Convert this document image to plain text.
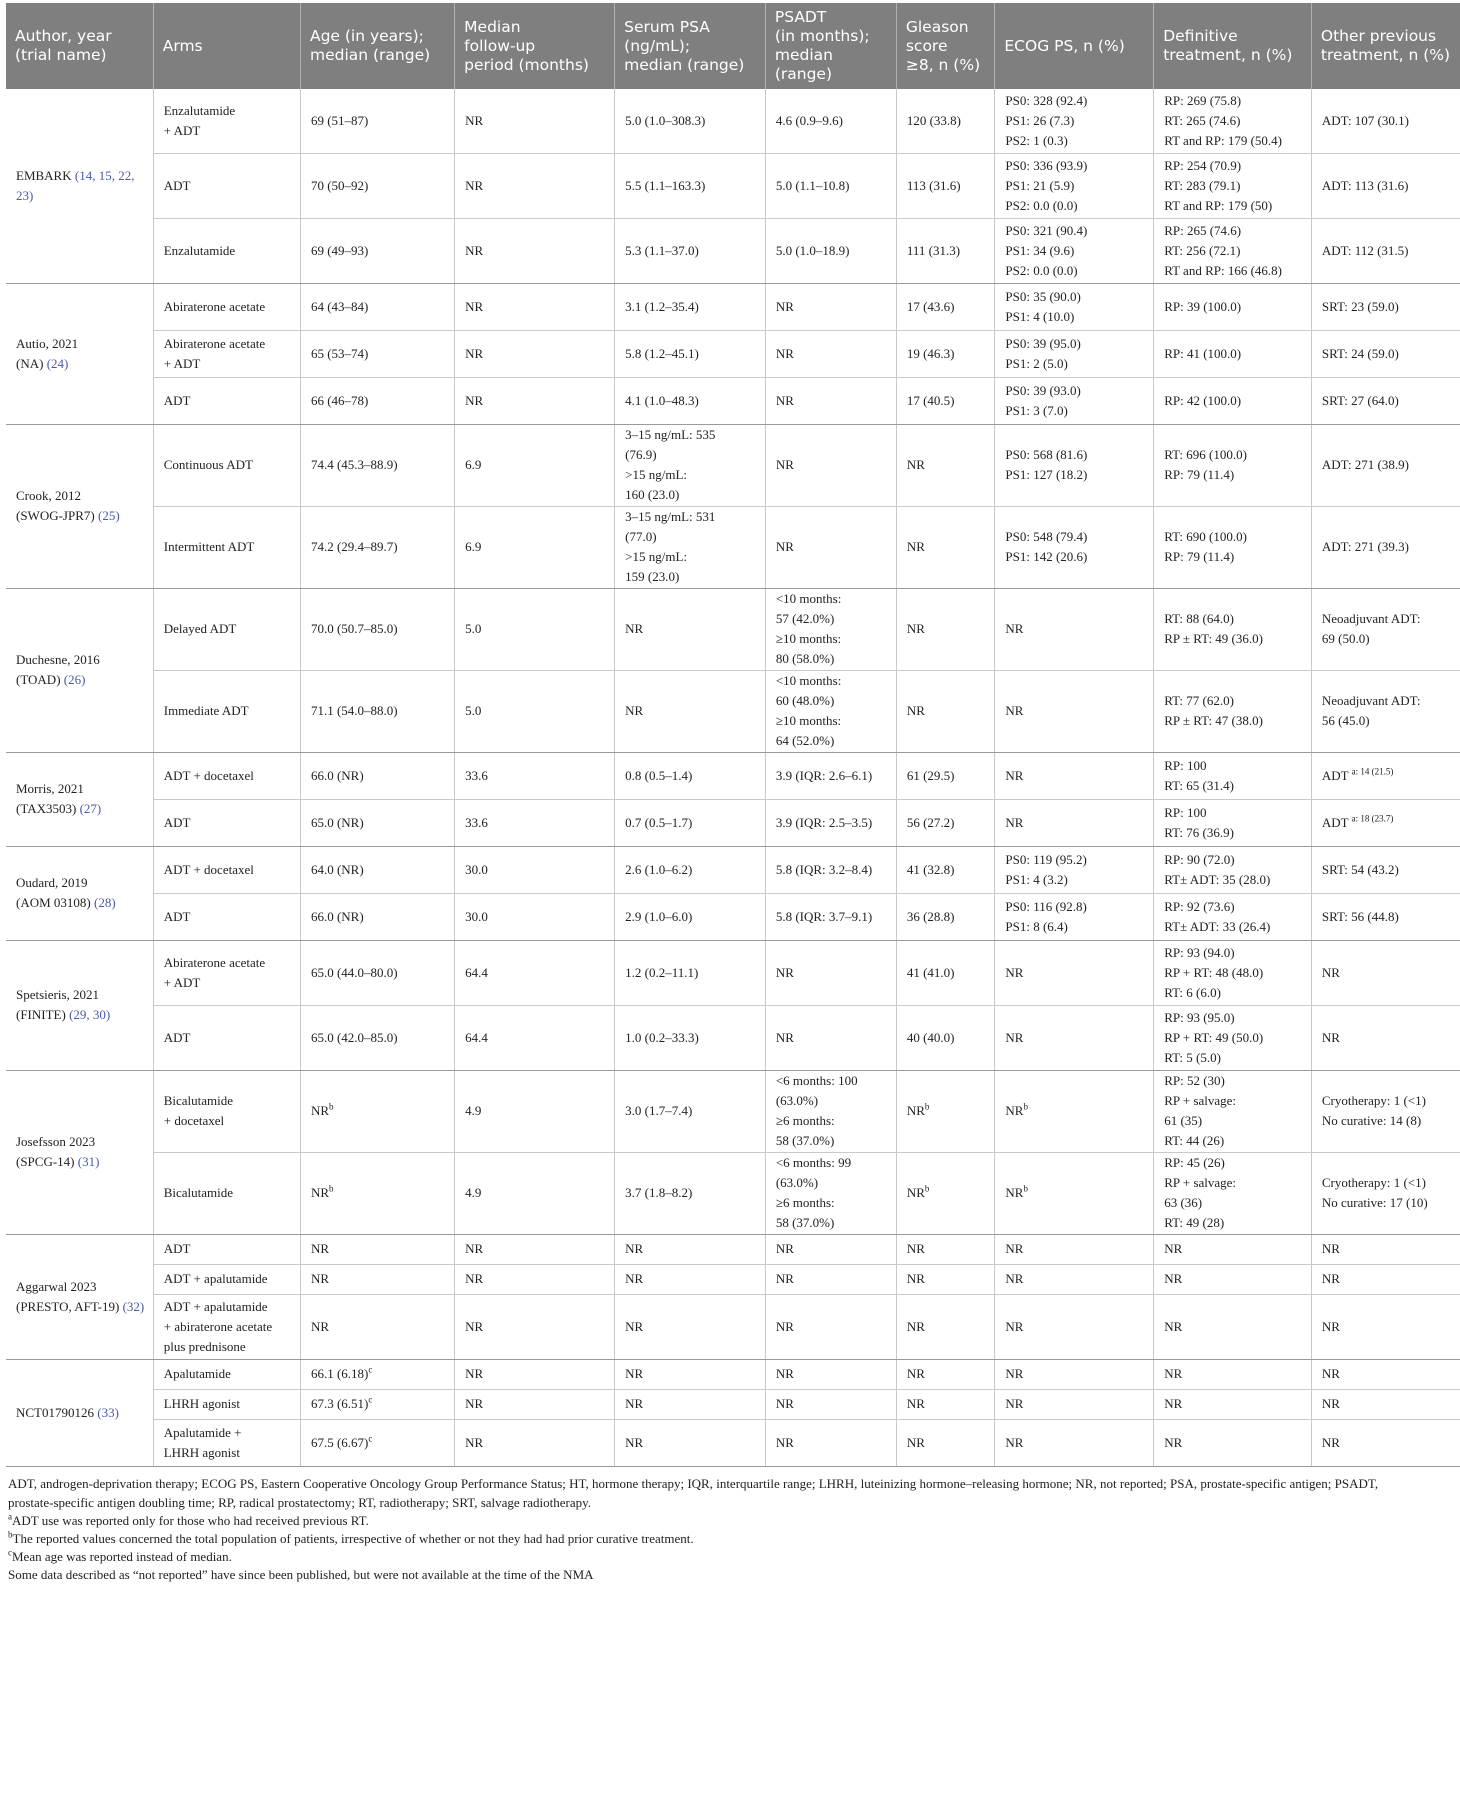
Author, year
(trial name)	Arms	Age (in years);
median (range)	Median
follow-up
period (months)	Serum PSA
(ng/mL);
median (range)	PSADT
(in months);
median
(range)	Gleason
score
≥8, n (%)	ECOG PS, n (%)	Definitive
treatment, n (%)	Other previous
treatment, n (%)

EMBARK (14, 15, 22, 23)	Enzalutamide
+ ADT	69 (51–87)	NR	5.0 (1.0–308.3)	4.6 (0.9–9.6)	120 (33.8)	PS0: 328 (92.4)
PS1: 26 (7.3)
PS2: 1 (0.3)	RP: 269 (75.8)
RT: 265 (74.6)
RT and RP: 179 (50.4)	ADT: 107 (30.1)

	ADT	70 (50–92)	NR	5.5 (1.1–163.3)	5.0 (1.1–10.8)	113 (31.6)	PS0: 336 (93.9)
PS1: 21 (5.9)
PS2: 0.0 (0.0)	RP: 254 (70.9)
RT: 283 (79.1)
RT and RP: 179 (50)	ADT: 113 (31.6)

	Enzalutamide	69 (49–93)	NR	5.3 (1.1–37.0)	5.0 (1.0–18.9)	111 (31.3)	PS0: 321 (90.4)
PS1: 34 (9.6)
PS2: 0.0 (0.0)	RP: 265 (74.6)
RT: 256 (72.1)
RT and RP: 166 (46.8)	ADT: 112 (31.5)

Autio, 2021
(NA) (24)	Abiraterone acetate	64 (43–84)	NR	3.1 (1.2–35.4)	NR	17 (43.6)	PS0: 35 (90.0)
PS1: 4 (10.0)	RP: 39 (100.0)	SRT: 23 (59.0)

	Abiraterone acetate
+ ADT	65 (53–74)	NR	5.8 (1.2–45.1)	NR	19 (46.3)	PS0: 39 (95.0)
PS1: 2 (5.0)	RP: 41 (100.0)	SRT: 24 (59.0)

	ADT	66 (46–78)	NR	4.1 (1.0–48.3)	NR	17 (40.5)	PS0: 39 (93.0)
PS1: 3 (7.0)	RP: 42 (100.0)	SRT: 27 (64.0)

Crook, 2012
(SWOG-JPR7) (25)	Continuous ADT	74.4 (45.3–88.9)	6.9	3–15 ng/mL: 535
(76.9)
>15 ng/mL:
160 (23.0)	NR	NR	PS0: 568 (81.6)
PS1: 127 (18.2)	RT: 696 (100.0)
RP: 79 (11.4)	ADT: 271 (38.9)

	Intermittent ADT	74.2 (29.4–89.7)	6.9	3–15 ng/mL: 531
(77.0)
>15 ng/mL:
159 (23.0)	NR	NR	PS0: 548 (79.4)
PS1: 142 (20.6)	RT: 690 (100.0)
RP: 79 (11.4)	ADT: 271 (39.3)

Duchesne, 2016
(TOAD) (26)	Delayed ADT	70.0 (50.7–85.0)	5.0	NR	<10 months:
57 (42.0%)
≥10 months:
80 (58.0%)	NR	NR	RT: 88 (64.0)
RP ± RT: 49 (36.0)	Neoadjuvant ADT:
69 (50.0)

	Immediate ADT	71.1 (54.0–88.0)	5.0	NR	<10 months:
60 (48.0%)
≥10 months:
64 (52.0%)	NR	NR	RT: 77 (62.0)
RP ± RT: 47 (38.0)	Neoadjuvant ADT:
56 (45.0)

Morris, 2021
(TAX3503) (27)	ADT + docetaxel	66.0 (NR)	33.6	0.8 (0.5–1.4)	3.9 (IQR: 2.6–6.1)	61 (29.5)	NR	RP: 100
RT: 65 (31.4)	ADT $^{a: 14 (21.5)}$

	ADT	65.0 (NR)	33.6	0.7 (0.5–1.7)	3.9 (IQR: 2.5–3.5)	56 (27.2)	NR	RP: 100
RT: 76 (36.9)	ADT $^{a: 18 (23.7)}$

Oudard, 2019
(AOM 03108) (28)	ADT + docetaxel	64.0 (NR)	30.0	2.6 (1.0–6.2)	5.8 (IQR: 3.2–8.4)	41 (32.8)	PS0: 119 (95.2)
PS1: 4 (3.2)	RP: 90 (72.0)
RT± ADT: 35 (28.0)	SRT: 54 (43.2)

	ADT	66.0 (NR)	30.0	2.9 (1.0–6.0)	5.8 (IQR: 3.7–9.1)	36 (28.8)	PS0: 116 (92.8)
PS1: 8 (6.4)	RP: 92 (73.6)
RT± ADT: 33 (26.4)	SRT: 56 (44.8)

Spetsieris, 2021
(FINITE) (29, 30)	Abiraterone acetate
+ ADT	65.0 (44.0–80.0)	64.4	1.2 (0.2–11.1)	NR	41 (41.0)	NR	RP: 93 (94.0)
RP + RT: 48 (48.0)
RT: 6 (6.0)	NR

	ADT	65.0 (42.0–85.0)	64.4	1.0 (0.2–33.3)	NR	40 (40.0)	NR	RP: 93 (95.0)
RP + RT: 49 (50.0)
RT: 5 (5.0)	NR

Josefsson 2023
(SPCG-14) (31)	Bicalutamide
+ docetaxel	$NR^b$	4.9	3.0 (1.7–7.4)	<6 months: 100
(63.0%)
≥6 months:
58 (37.0%)	$NR^b$	$NR^b$	RP: 52 (30)
RP + salvage:
61 (35)
RT: 44 (26)	Cryotherapy: 1 (<1)
No curative: 14 (8)

	Bicalutamide	$NR^b$	4.9	3.7 (1.8–8.2)	<6 months: 99
(63.0%)
≥6 months:
58 (37.0%)	$NR^b$	$NR^b$	RP: 45 (26)
RP + salvage:
63 (36)
RT: 49 (28)	Cryotherapy: 1 (<1)
No curative: 17 (10)

Aggarwal 2023
(PRESTO, AFT-19) (32)	ADT	NR	NR	NR	NR	NR	NR	NR	NR

	ADT + apalutamide	NR	NR	NR	NR	NR	NR	NR	NR

	ADT + apalutamide
+ abiraterone acetate
plus prednisone	NR	NR	NR	NR	NR	NR	NR	NR

NCT01790126 (33)	Apalutamide	66.1 $(6.18)^c$	NR	NR	NR	NR	NR	NR	NR

	LHRH agonist	67.3 $(6.51)^c$	NR	NR	NR	NR	NR	NR	NR

	Apalutamide +
LHRH agonist	67.5 $(6.67)^c$	NR	NR	NR	NR	NR	NR	NR

ADT, androgen-deprivation therapy; ECOG PS, Eastern Cooperative Oncology Group Performance Status; HT, hormone therapy; IQR, interquartile range; LHRH, luteinizing hormone–releasing hormone; NR, not reported; PSA, prostate-specific antigen; PSADT,

prostate-specific antigen doubling time; RP, radical prostatectomy; RT, radiotherapy; SRT, salvage radiotherapy.

$^a$ADT use was reported only for those who had received previous RT.

$^b$The reported values concerned the total population of patients, irrespective of whether or not they had had prior curative treatment.

$^c$Mean age was reported instead of median.

Some data described as “not reported” have since been published, but were not available at the time of the NMA
